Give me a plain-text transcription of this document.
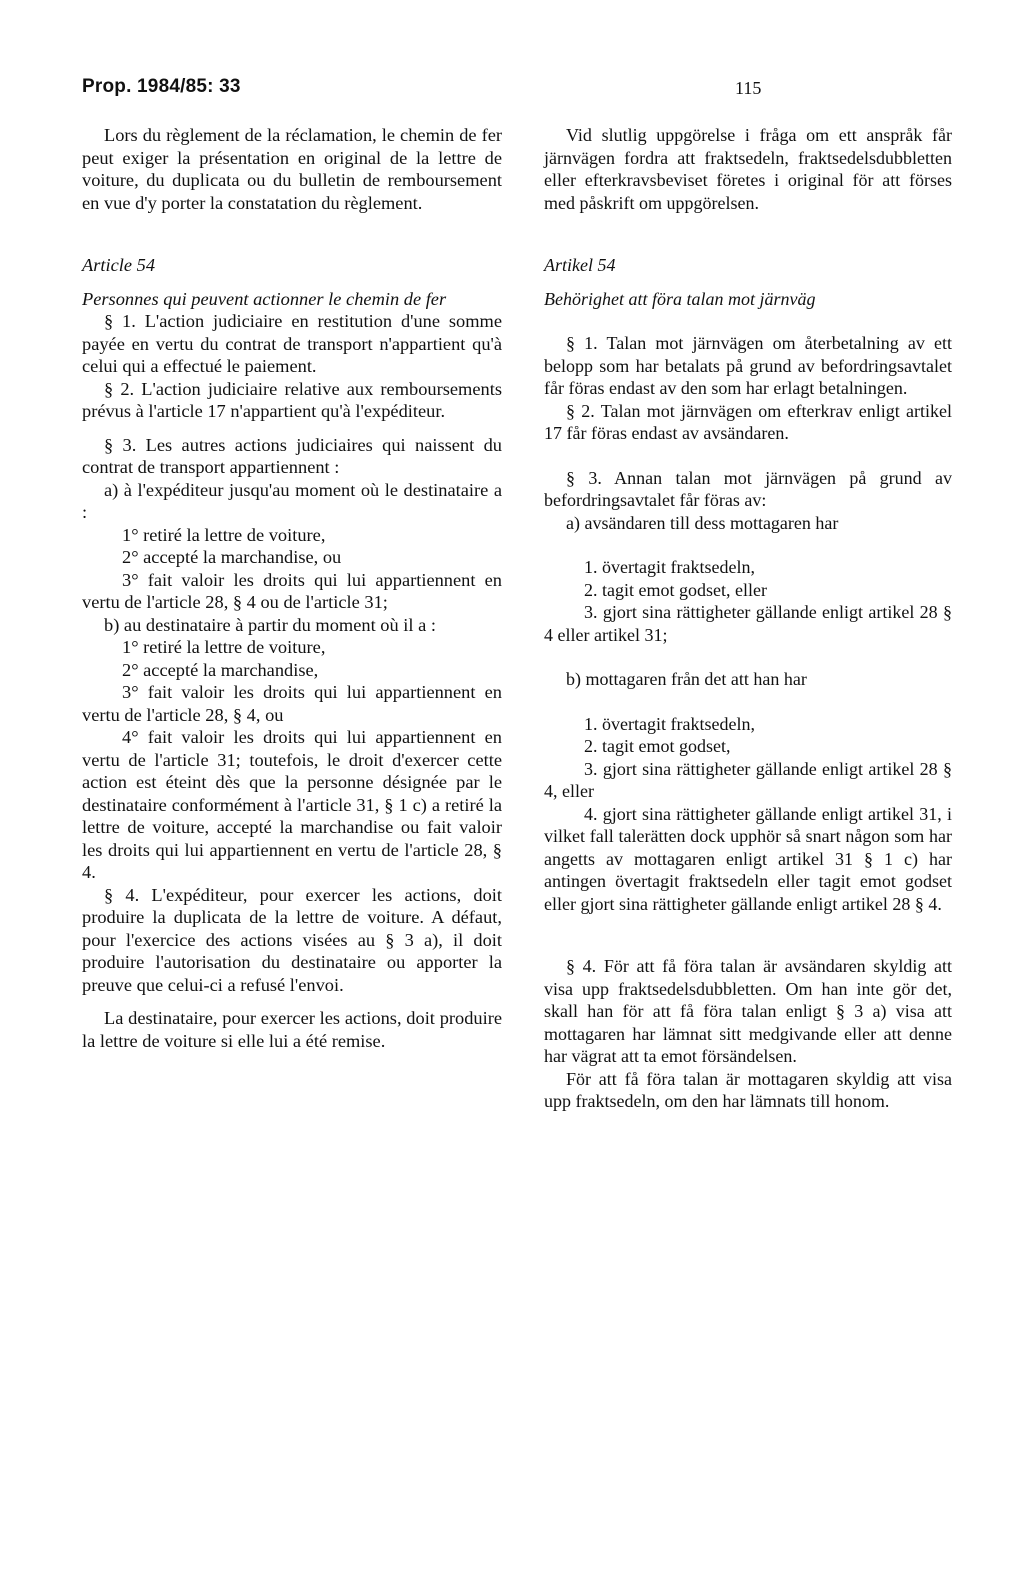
Prop. 1984/85: 33	115

Lors du règlement de la réclamation, le chemin de fer peut exiger la présentation en original de la lettre de voiture, du duplicata ou du bulletin de remboursement en vue d'y porter la constatation du règlement.

Article 54

Personnes qui peuvent actionner le chemin de fer

§ 1. L'action judiciaire en restitution d'une somme payée en vertu du contrat de transport n'appartient qu'à celui qui a effectué le paiement.

§ 2. L'action judiciaire relative aux remboursements prévus à l'article 17 n'appartient qu'à l'expéditeur.

§ 3. Les autres actions judiciaires qui naissent du contrat de transport appartiennent :

a) à l'expéditeur jusqu'au moment où le destinataire a :

1° retiré la lettre de voiture,

2° accepté la marchandise, ou

3° fait valoir les droits qui lui appartiennent en vertu de l'article 28, § 4 ou de l'article 31;

b) au destinataire à partir du moment où il a :

1° retiré la lettre de voiture,

2° accepté la marchandise,

3° fait valoir les droits qui lui appartiennent en vertu de l'article 28, § 4, ou

4° fait valoir les droits qui lui appartiennent en vertu de l'article 31; toutefois, le droit d'exercer cette action est éteint dès que la personne désignée par le destinataire conformément à l'article 31, § 1 c) a retiré la lettre de voiture, accepté la marchandise ou fait valoir les droits qui lui appartiennent en vertu de l'article 28, § 4.

§ 4. L'expéditeur, pour exercer les actions, doit produire la duplicata de la lettre de voiture. A défaut, pour l'exercice des actions visées au § 3 a), il doit produire l'autorisation du destinataire ou apporter la preuve que celui-ci a refusé l'envoi.

La destinataire, pour exercer les actions, doit produire la lettre de voiture si elle lui a été remise.

Vid slutlig uppgörelse i fråga om ett anspråk får järnvägen fordra att fraktsedeln, fraktsedelsdubbletten eller efterkravsbeviset företes i original för att förses med påskrift om uppgörelsen.

Artikel 54

Behörighet att föra talan mot järnväg

§ 1. Talan mot järnvägen om återbetalning av ett belopp som har betalats på grund av befordringsavtalet får föras endast av den som har erlagt betalningen.

§ 2. Talan mot järnvägen om efterkrav enligt artikel 17 får föras endast av avsändaren.

§ 3. Annan talan mot järnvägen på grund av befordringsavtalet får föras av:

a) avsändaren till dess mottagaren har

1. övertagit fraktsedeln,

2. tagit emot godset, eller

3. gjort sina rättigheter gällande enligt artikel 28 § 4 eller artikel 31;

b) mottagaren från det att han har

1. övertagit fraktsedeln,

2. tagit emot godset,

3. gjort sina rättigheter gällande enligt artikel 28 § 4, eller

4. gjort sina rättigheter gällande enligt artikel 31, i vilket fall talerätten dock upphör så snart någon som har angetts av mottagaren enligt artikel 31 § 1 c) har antingen övertagit fraktsedeln eller tagit emot godset eller gjort sina rättigheter gällande enligt artikel 28 § 4.

§ 4. För att få föra talan är avsändaren skyldig att visa upp fraktsedelsdubbletten. Om han inte gör det, skall han för att få föra talan enligt § 3 a) visa att mottagaren har lämnat sitt medgivande eller att denne har vägrat att ta emot försändelsen.

För att få föra talan är mottagaren skyldig att visa upp fraktsedeln, om den har lämnats till honom.
